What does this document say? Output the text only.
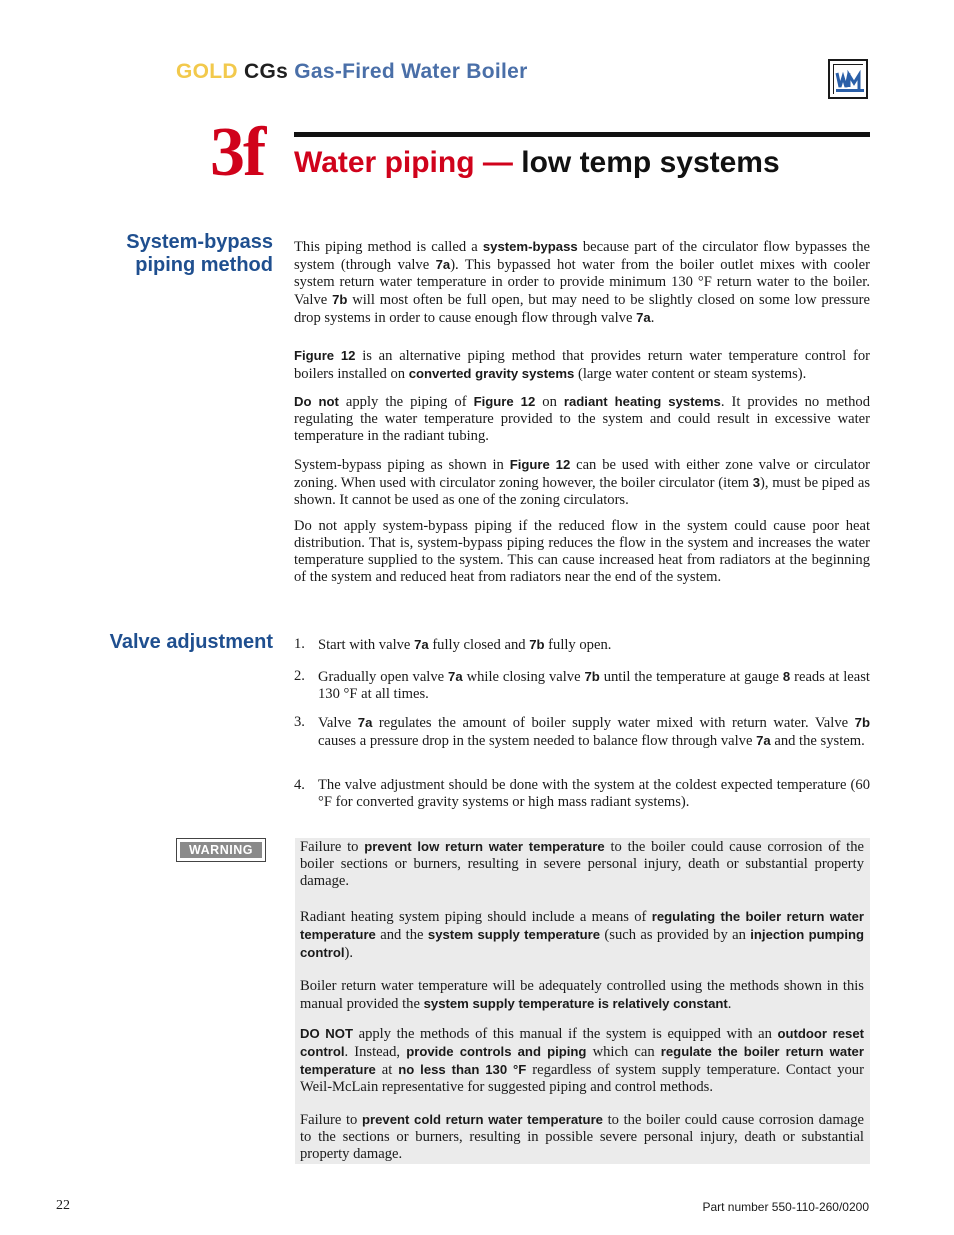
GOLD CGs Gas-Fired Water Boiler
3f Water piping — low temp systems
System-bypass
piping method

This piping method is called a system-bypass because part of the circulator flow bypasses the system (through valve 7a). This bypassed hot water from the boiler outlet mixes with cooler system return water temperature in order to provide minimum 130 °F return water to the boiler. Valve 7b will most often be full open, but may need to be slightly closed on some low pressure drop systems in order to cause enough flow through valve 7a.

Figure 12 is an alternative piping method that provides return water temperature control for boilers installed on converted gravity systems (large water content or steam systems).

Do not apply the piping of Figure 12 on radiant heating systems. It provides no method regulating the water temperature provided to the system and could result in excessive water temperature in the radiant tubing.

System-bypass piping as shown in Figure 12 can be used with either zone valve or circulator zoning. When used with circulator zoning however, the boiler circulator (item 3), must be piped as shown. It cannot be used as one of the zoning circulators.

Do not apply system-bypass piping if the reduced flow in the system could cause poor heat distribution. That is, system-bypass piping reduces the flow in the system and increases the water temperature supplied to the system. This can cause increased heat from radiators at the beginning of the system and reduced heat from radiators near the end of the system.

Valve adjustment 1. Start with valve 7a fully closed and 7b fully open.
2. Gradually open valve 7a while closing valve 7b until the temperature at gauge 8 reads at least 130 °F at all times.
3. Valve 7a regulates the amount of boiler supply water mixed with return water. Valve 7b causes a pressure drop in the system needed to balance flow through valve 7a and the system.
4. The valve adjustment should be done with the system at the coldest expected temperature (60 °F for converted gravity systems or high mass radiant systems).
WARNING	Failure to prevent low return water temperature to the boiler could cause corrosion of the boiler sections or burners, resulting in severe personal injury, death or substantial property damage.
Radiant heating system piping should include a means of regulating the boiler return water temperature and the system supply temperature (such as provided by an injection pumping control).
Boiler return water temperature will be adequately controlled using the methods shown in this manual provided the system supply temperature is relatively constant.
DO NOT apply the methods of this manual if the system is equipped with an outdoor reset control. Instead, provide controls and piping which can regulate the boiler return water temperature at no less than 130 °F regardless of system supply temperature. Contact your Weil-McLain representative for suggested piping and control methods.
Failure to prevent cold return water temperature to the boiler could cause corrosion damage to the sections or burners, resulting in possible severe personal injury, death or substantial property damage.
22	Part number 550-110-260/0200
